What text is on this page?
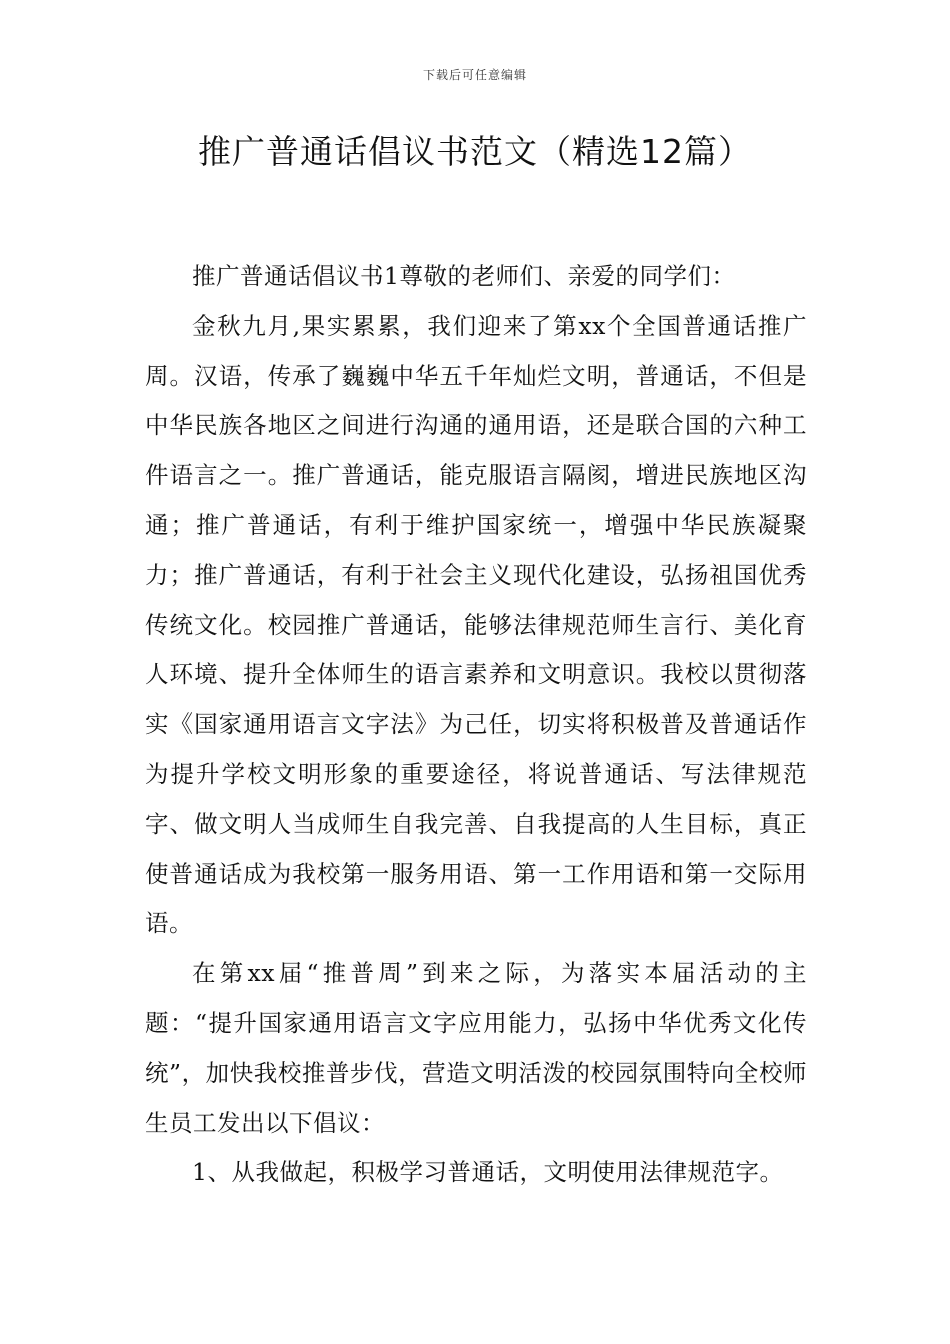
下载后可任意编辑
推广普通话倡议书范文（精选12篇）

推广普通话倡议书1尊敬的老师们、亲爱的同学们：

金秋九月,果实累累，我们迎来了第xx个全国普通话推广周。汉语，传承了巍巍中华五千年灿烂文明，普通话，不但是中华民族各地区之间进行沟通的通用语，还是联合国的六种工件语言之一。推广普通话，能克服语言隔阂，增进民族地区沟通；推广普通话，有利于维护国家统一，增强中华民族凝聚力；推广普通话，有利于社会主义现代化建设，弘扬祖国优秀传统文化。校园推广普通话，能够法律规范师生言行、美化育人环境、提升全体师生的语言素养和文明意识。我校以贯彻落实《国家通用语言文字法》为己任，切实将积极普及普通话作为提升学校文明形象的重要途径，将说普通话、写法律规范字、做文明人当成师生自我完善、自我提高的人生目标，真正使普通话成为我校第一服务用语、第一工作用语和第一交际用语。

在第xx届“推普周”到来之际，为落实本届活动的主题：“提升国家通用语言文字应用能力，弘扬中华优秀文化传统”，加快我校推普步伐，营造文明活泼的校园氛围特向全校师生员工发出以下倡议：

1、从我做起，积极学习普通话，文明使用法律规范字。
